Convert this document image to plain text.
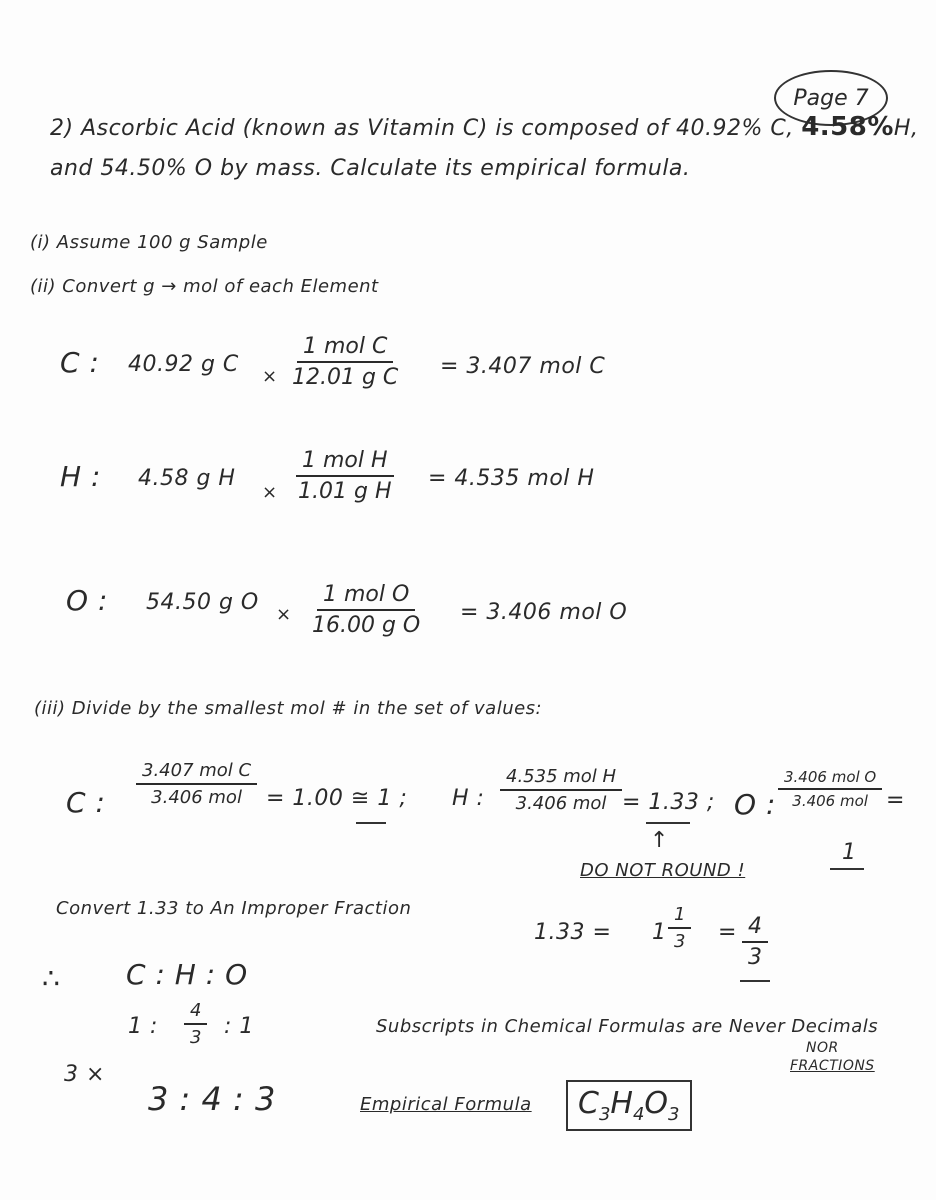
Page 7
2) Ascorbic Acid (known as Vitamin C) is composed of 40.92% C, 4.58%H,
and 54.50% O by mass. Calculate its empirical formula.
(i) Assume 100 g Sample
(ii) Convert g → mol of each Element
C : 40.92 g C ×
1 mol C
12.01 g C = 3.407 mol C
H : 4.58 g H
×
1 mol H
1.01 g H
= 4.535 mol H
O : 54.50 g O ×
1 mol O
16.00 g O
= 3.406 mol O
(iii) Divide by the smallest mol # in the set of values:
C :
3.407 mol C
3.406 mol = 1.00 ≅ 1 ; H :
4.535 mol H
3.406 mol = 1.33 ;
↑
DO NOT ROUND !
O :
3.406 mol O
3.406 mol =
1
Convert 1.33 to An Improper Fraction
$1.33 = 1 \frac{1}{3} = \frac{4}{3}$
∴ C : H : O
1 : $\frac{4}{3}$ : 1
3 ×
3 : 4 : 3
Subscripts in Chemical Formulas are Never Decimals
NOR
FRACTIONS
Empirical Formula	$C_3H_4O_3$
